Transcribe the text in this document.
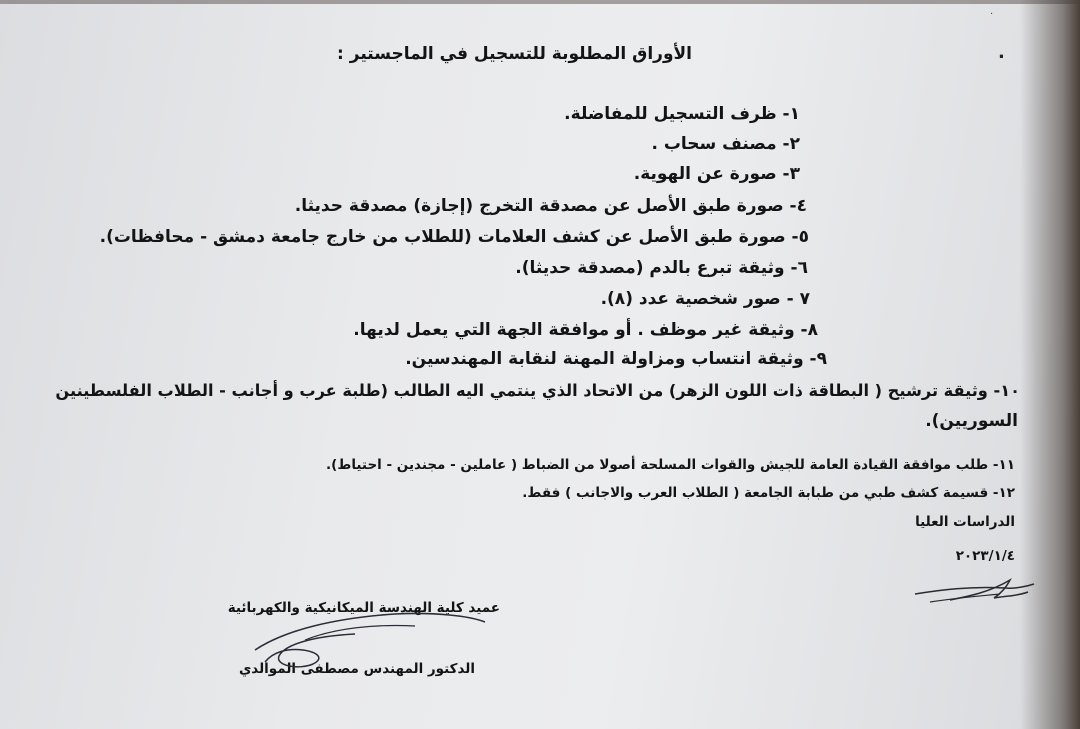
.
.
الأوراق المطلوبة للتسجيل في الماجستير :
١- ظرف التسجيل للمفاضلة.
٢- مصنف سحاب .
٣- صورة عن الهوية.
٤- صورة طبق الأصل عن مصدقة التخرج (إجازة) مصدقة حديثا.
٥- صورة طبق الأصل عن كشف العلامات (للطلاب من خارج جامعة دمشق - محافظات).
٦- وثيقة تبرع بالدم (مصدقة حديثا).
٧ - صور شخصية عدد (٨).
٨- وثيقة غير موظف . أو موافقة الجهة التي يعمل لديها.
٩- وثيقة انتساب ومزاولة المهنة لنقابة المهندسين.
١٠- وثيقة ترشيح ( البطاقة ذات اللون الزهر) من الاتحاد الذي ينتمي اليه الطالب (طلبة عرب و أجانب - الطلاب الفلسطينين
السوريين).
١١- طلب موافقة القيادة العامة للجيش والقوات المسلحة أصولا من الضباط ( عاملين - مجندين - احتياط).
١٢- قسيمة كشف طبي من طبابة الجامعة ( الطلاب العرب والاجانب ) فقط.
الدراسات العليا
٢٠٢٣/١/٤
عميد كلية الهندسة الميكانيكية والكهربائية
الدكتور المهندس مصطفى الموالدي
